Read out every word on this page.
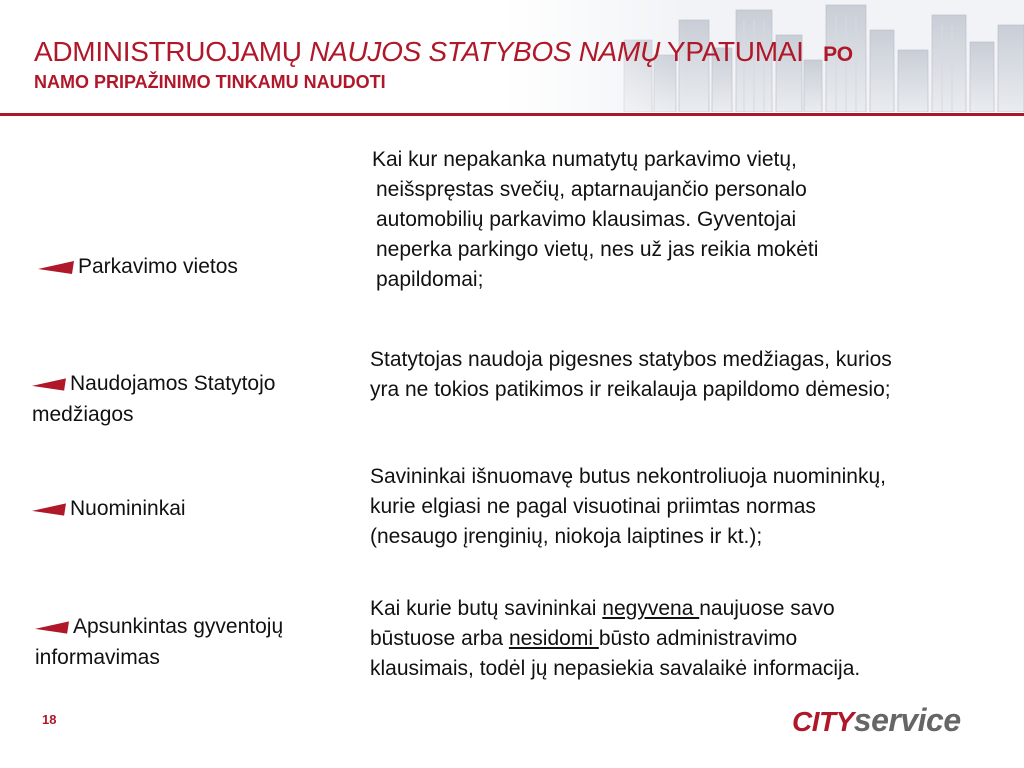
ADMINISTRUOJAMŲ NAUJOS STATYBOS NAMŲ YPATUMAI PO
NAMO PRIPAŽINIMO TINKAMU NAUDOTI
Parkavimo vietos
Kai kur nepakanka numatytų parkavimo vietų,
neišspręstas svečių, aptarnaujančio personalo
automobilių parkavimo klausimas. Gyventojai
neperka parkingo vietų, nes už jas reikia mokėti
papildomai;
Naudojamos Statytojo
medžiagos
Statytojas naudoja pigesnes statybos medžiagas, kurios
yra ne tokios patikimos ir reikalauja papildomo dėmesio;
Nuomininkai
Savininkai išnuomavę butus nekontroliuoja nuomininkų,
kurie elgiasi ne pagal visuotinai priimtas normas
(nesaugo įrenginių, niokoja laiptines ir kt.);
Apsunkintas gyventojų
informavimas
Kai kurie butų savininkai negyvena naujuose savo
būstuose arba nesidomi būsto administravimo
klausimais, todėl jų nepasiekia savalaikė informacija.
18	CITYservice
